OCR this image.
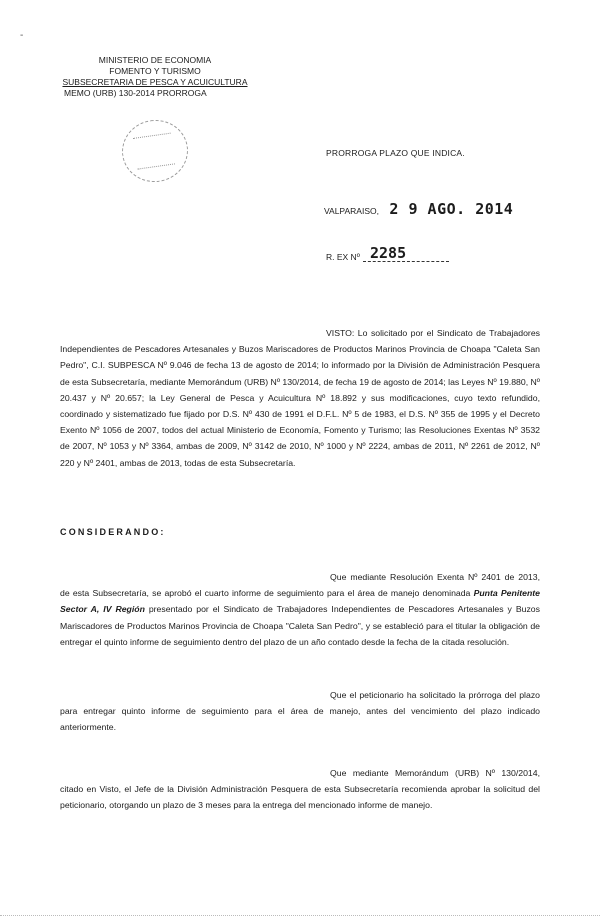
MINISTERIO DE ECONOMIA
FOMENTO Y TURISMO
SUBSECRETARIA DE PESCA Y ACUICULTURA
MEMO (URB) 130-2014 PRORROGA
-
PRORROGA PLAZO QUE INDICA.
VALPARAISO, 2 9 AGO. 2014
R. EX Nº 2285
VISTO: Lo solicitado por el Sindicato de Trabajadores Independientes de Pescadores Artesanales y Buzos Mariscadores de Productos Marinos Provincia de Choapa "Caleta San Pedro", C.I. SUBPESCA Nº 9.046 de fecha 13 de agosto de 2014; lo informado por la División de Administración Pesquera de esta Subsecretaría, mediante Memorándum (URB) Nº 130/2014, de fecha 19 de agosto de 2014; las Leyes Nº 19.880, Nº 20.437 y Nº 20.657; la Ley General de Pesca y Acuicultura Nº 18.892 y sus modificaciones, cuyo texto refundido, coordinado y sistematizado fue fijado por D.S. Nº 430 de 1991 el D.F.L. Nº 5 de 1983, el D.S. Nº 355 de 1995 y el Decreto Exento Nº 1056 de 2007, todos del actual Ministerio de Economía, Fomento y Turismo; las Resoluciones Exentas Nº 3532 de 2007, Nº 1053 y Nº 3364, ambas de 2009, Nº 3142 de 2010, Nº 1000 y Nº 2224, ambas de 2011, Nº 2261 de 2012, Nº 220 y Nº 2401, ambas de 2013, todas de esta Subsecretaría.
CONSIDERANDO:
Que mediante Resolución Exenta Nº 2401 de 2013, de esta Subsecretaría, se aprobó el cuarto informe de seguimiento para el área de manejo denominada Punta Penitente Sector A, IV Región presentado por el Sindicato de Trabajadores Independientes de Pescadores Artesanales y Buzos Mariscadores de Productos Marinos Provincia de Choapa "Caleta San Pedro", y se estableció para el titular la obligación de entregar el quinto informe de seguimiento dentro del plazo de un año contado desde la fecha de la citada resolución.
Que el peticionario ha solicitado la prórroga del plazo para entregar quinto informe de seguimiento para el área de manejo, antes del vencimiento del plazo indicado anteriormente.
Que mediante Memorándum (URB) Nº 130/2014, citado en Visto, el Jefe de la División Administración Pesquera de esta Subsecretaría recomienda aprobar la solicitud del peticionario, otorgando un plazo de 3 meses para la entrega del mencionado informe de manejo.
